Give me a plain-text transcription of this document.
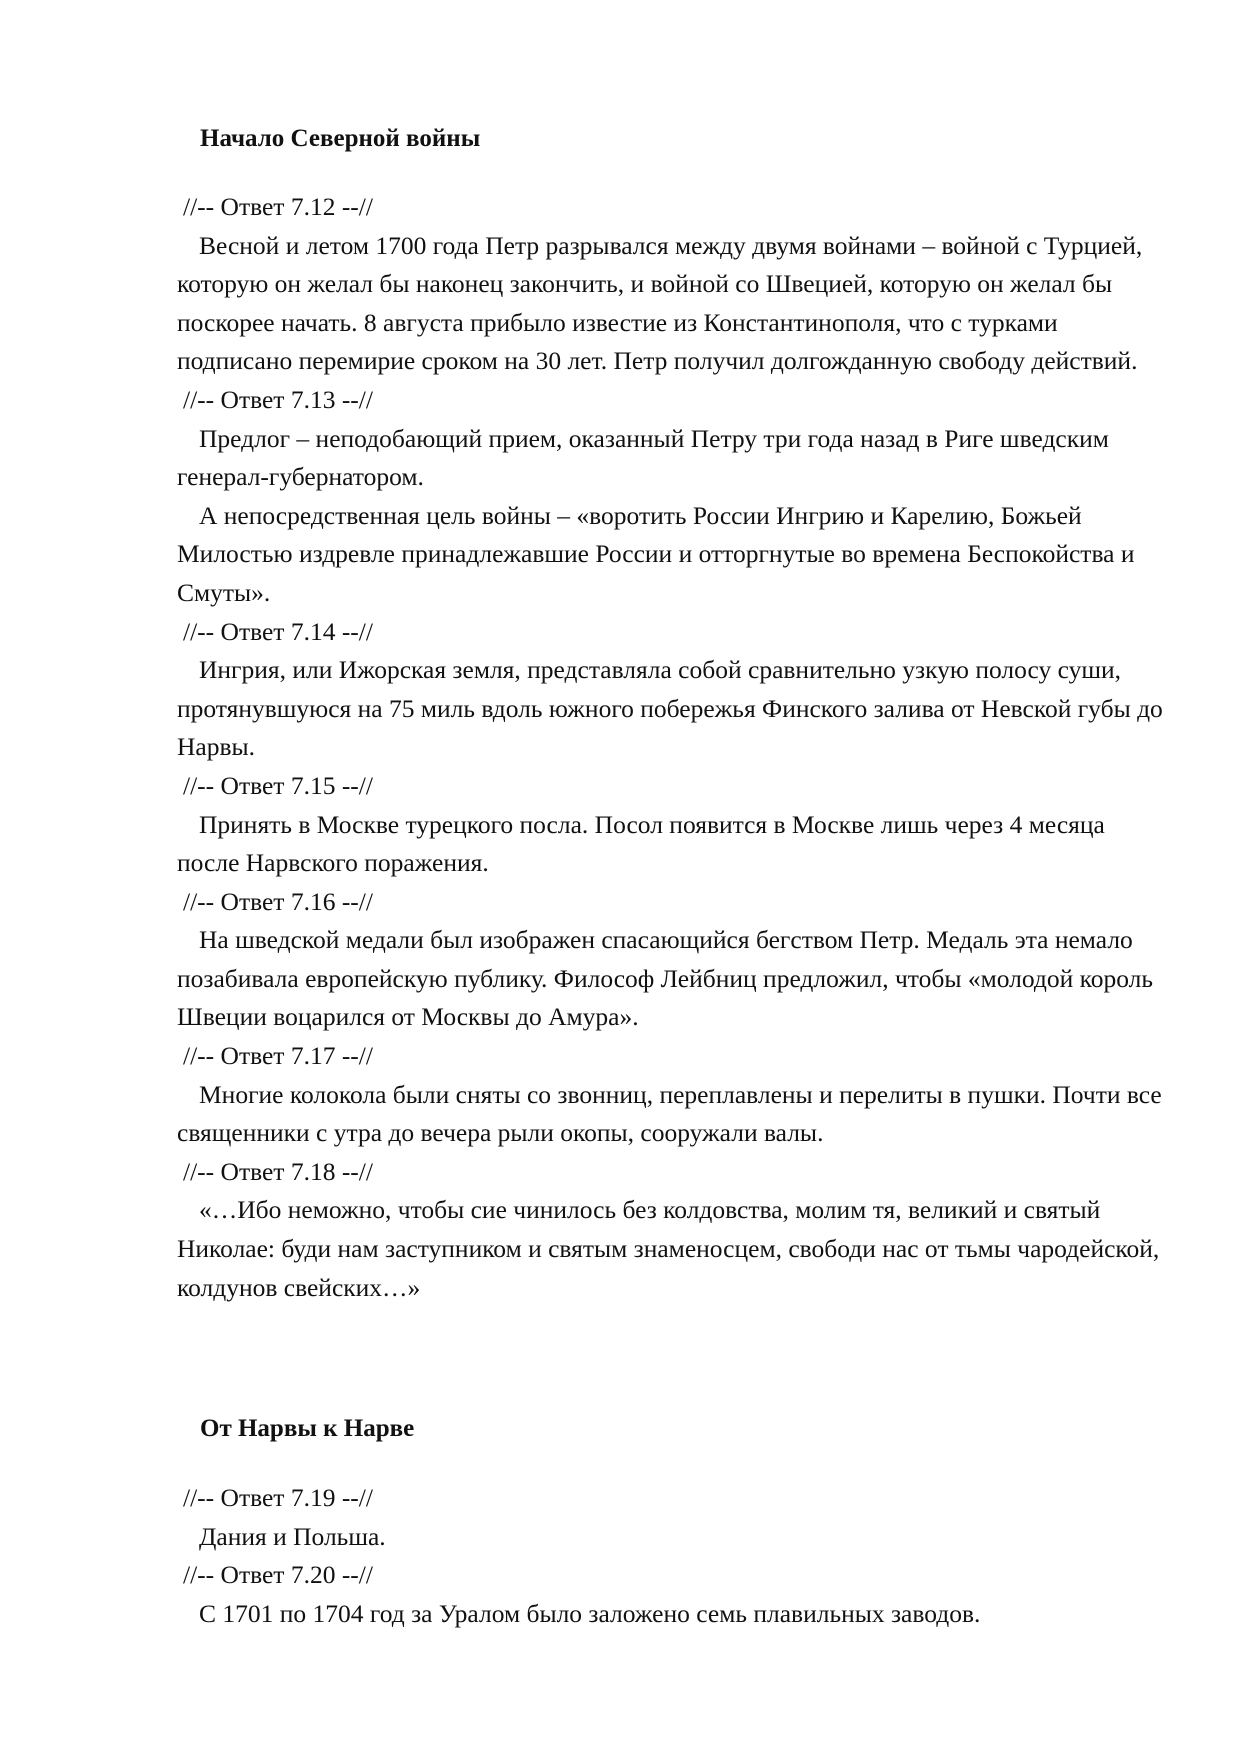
Начало Северной войны
//-- Ответ 7.12 --//

Весной и летом 1700 года Петр разрывался между двумя войнами – войной с Турцией, которую он желал бы наконец закончить, и войной со Швецией, которую он желал бы поскорее начать. 8 августа прибыло известие из Константинополя, что с турками подписано перемирие сроком на 30 лет. Петр получил долгожданную свободу действий.

//-- Ответ 7.13 --//

Предлог – неподобающий прием, оказанный Петру три года назад в Риге шведским генерал-губернатором.

А непосредственная цель войны – «воротить России Ингрию и Карелию, Божьей Милостью издревле принадлежавшие России и отторгнутые во времена Беспокойства и Смуты».

//-- Ответ 7.14 --//

Ингрия, или Ижорская земля, представляла собой сравнительно узкую полосу суши, протянувшуюся на 75 миль вдоль южного побережья Финского залива от Невской губы до Нарвы.

//-- Ответ 7.15 --//

Принять в Москве турецкого посла. Посол появится в Москве лишь через 4 месяца после Нарвского поражения.

//-- Ответ 7.16 --//

На шведской медали был изображен спасающийся бегством Петр. Медаль эта немало позабивала европейскую публику. Философ Лейбниц предложил, чтобы «молодой король Швеции воцарился от Москвы до Амура».

//-- Ответ 7.17 --//

Многие колокола были сняты со звонниц, переплавлены и перелиты в пушки. Почти все священники с утра до вечера рыли окопы, сооружали валы.

//-- Ответ 7.18 --//

«…Ибо неможно, чтобы сие чинилось без колдовства, молим тя, великий и святый Николае: буди нам заступником и святым знаменосцем, свободи нас от тьмы чародейской, колдунов свейских…»

От Нарвы к Нарве
//-- Ответ 7.19 --//

Дания и Польша.

//-- Ответ 7.20 --//

С 1701 по 1704 год за Уралом было заложено семь плавильных заводов.
